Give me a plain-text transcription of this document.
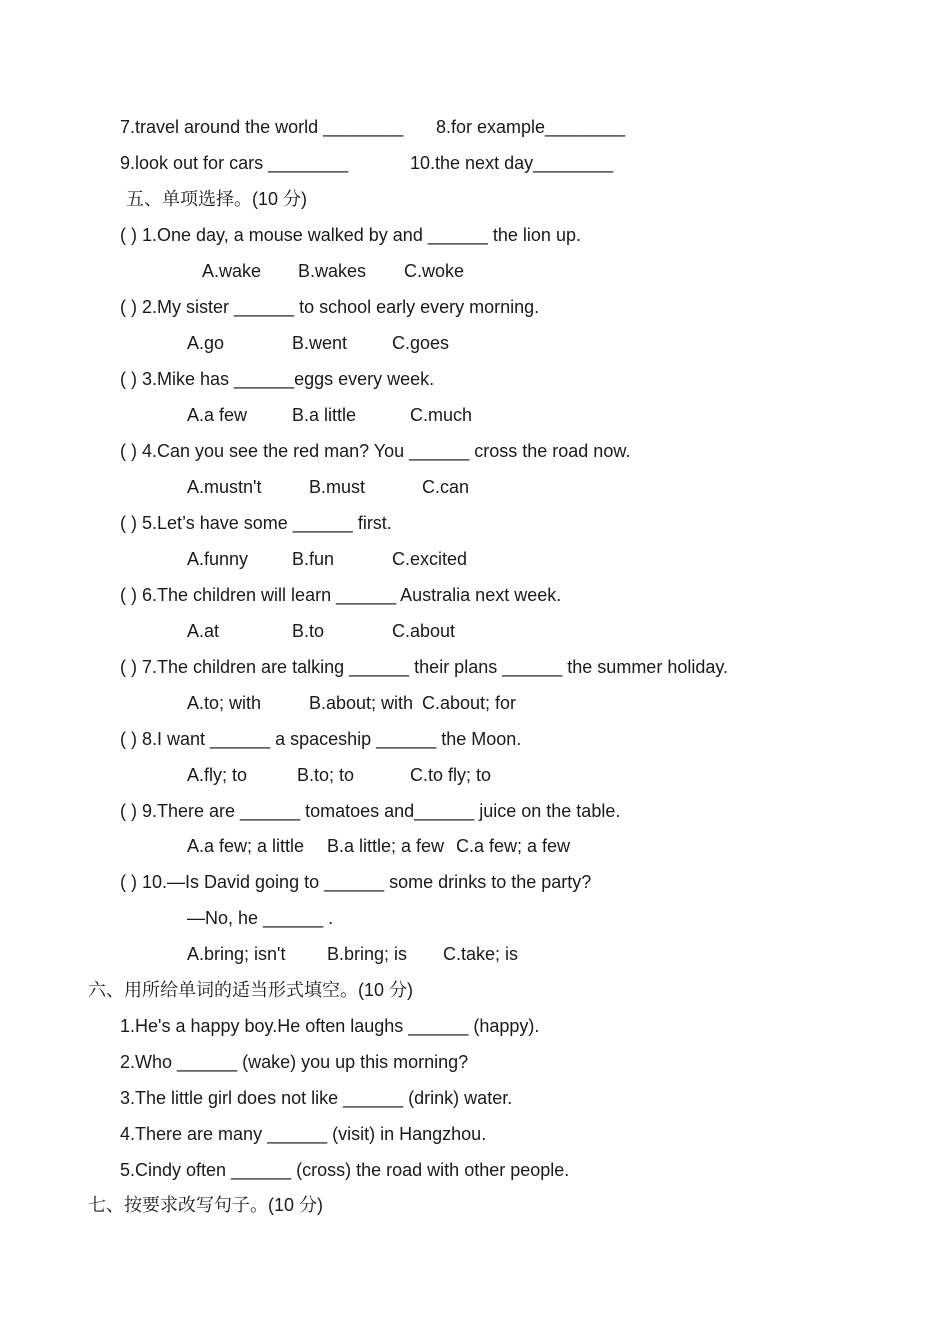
7.travel around the world ________ 8.for example________
9.look out for cars ________	10.the next day________
五、单项选择。(10 分)
( ) 1.One day, a mouse walked by and ______ the lion up.
A.wake B.wakes C.woke
( ) 2.My sister ______ to school early every morning.
A.go	B.went C.goes
( ) 3.Mike has ______eggs every week.
A.a few B.a little	C.much
( ) 4.Can you see the red man? You ______ cross the road now.
A.mustn't	B.must	C.can
( ) 5.Let’s have some ______ first.
A.funny B.fun	C.excited
( ) 6.The children will learn ______ Australia next week.
A.at	B.to	C.about
( ) 7.The children are talking ______ their plans ______ the summer holiday.
A.to; with	B.about; with C.about; for
( ) 8.I want ______ a spaceship ______ the Moon.
A.fly; to	B.to; to	C.to fly; to
( ) 9.There are ______ tomatoes and______ juice on the table.
A.a few; a little B.a little; a few C.a few; a few
( ) 10.—Is David going to ______ some drinks to the party?
—No, he ______ .
A.bring; isn't B.bring; is C.take; is
六、用所给单词的适当形式填空。(10 分)
1.He's a happy boy.He often laughs ______ (happy).
2.Who ______ (wake) you up this morning?
3.The little girl does not like ______ (drink) water.
4.There are many ______ (visit) in Hangzhou.
5.Cindy often ______ (cross) the road with other people.
七、按要求改写句子。(10 分)
